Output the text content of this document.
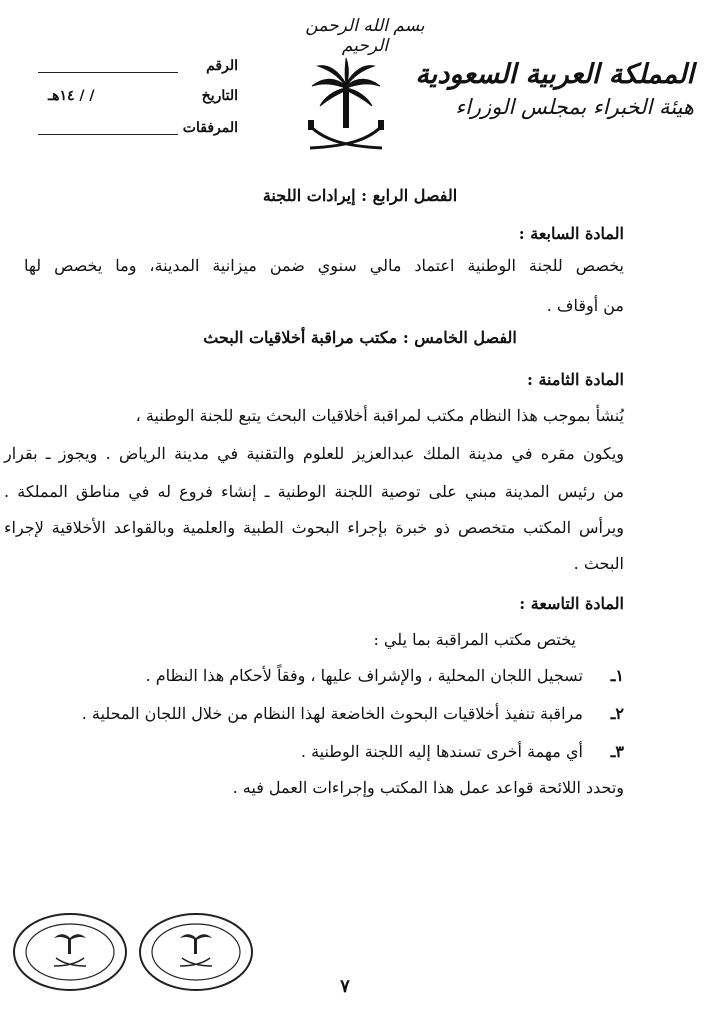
بسم الله الرحمن الرحيم
المملكة العربية السعودية
هيئة الخبراء بمجلس الوزراء
الرقم
التاريخ
/ / ١٤هـ
المرفقات
الفصل الرابع : إيرادات اللجنة
المادة السابعة :
يخصص للجنة الوطنية اعتماد مالي سنوي ضمن ميزانية المدينة، وما يخصص لها
من أوقاف .
الفصل الخامس : مكتب مراقبة أخلاقيات البحث
المادة الثامنة :
يُنشأ بموجب هذا النظام مكتب لمراقبة أخلاقيات البحث يتبع للجنة الوطنية ،
ويكون مقره في مدينة الملك عبدالعزيز للعلوم والتقنية في مدينة الرياض . ويجوز ـ بقرار
من رئيس المدينة مبني على توصية اللجنة الوطنية ـ إنشاء فروع له في مناطق المملكة .
ويرأس المكتب متخصص ذو خبرة بإجراء البحوث الطبية والعلمية وبالقواعد الأخلاقية لإجراء
البحث .
المادة التاسعة :
يختص مكتب المراقبة بما يلي :
١ـ تسجيل اللجان المحلية ، والإشراف عليها ، وفقاً لأحكام هذا النظام .
٢ـ مراقبة تنفيذ أخلاقيات البحوث الخاضعة لهذا النظام من خلال اللجان المحلية .
٣ـ أي مهمة أخرى تسندها إليه اللجنة الوطنية .
وتحدد اللائحة قواعد عمل هذا المكتب وإجراءات العمل فيه .
٧
